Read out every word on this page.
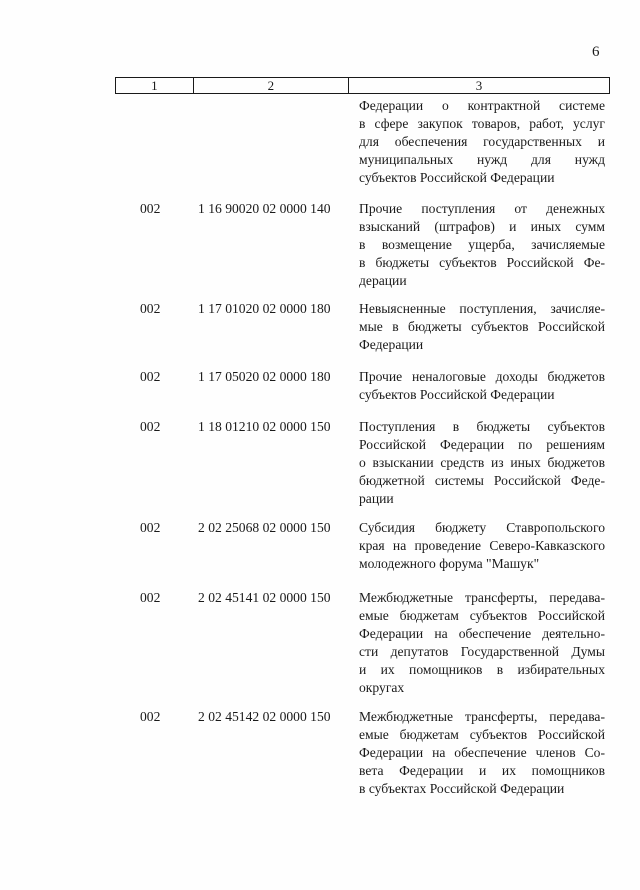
6
1	2	3
Федерации о контрактной системе
в сфере закупок товаров, работ, услуг
для обеспечения государственных и
муниципальных нужд для нужд
субъектов Российской Федерации
002	1 16 90020 02 0000 140 Прочие поступления от денежных
взысканий (штрафов) и иных сумм
в возмещение ущерба, зачисляемые
в бюджеты субъектов Российской Фе-
дерации
002	1 17 01020 02 0000 180 Невыясненные поступления, зачисляе-
мые в бюджеты субъектов Российской
Федерации
002	1 17 05020 02 0000 180 Прочие неналоговые доходы бюджетов
субъектов Российской Федерации
002	1 18 01210 02 0000 150 Поступления в бюджеты субъектов
Российской Федерации по решениям
о взыскании средств из иных бюджетов
бюджетной системы Российской Феде-
рации
002	2 02 25068 02 0000 150 Субсидия бюджету Ставропольского
края на проведение Северо-Кавказского
молодежного форума "Машук"
002	2 02 45141 02 0000 150 Межбюджетные трансферты, передава-
емые бюджетам субъектов Российской
Федерации на обеспечение деятельно-
сти депутатов Государственной Думы
и их помощников в избирательных
округах
002	2 02 45142 02 0000 150 Межбюджетные трансферты, передава-
емые бюджетам субъектов Российской
Федерации на обеспечение членов Со-
вета Федерации и их помощников
в субъектах Российской Федерации
